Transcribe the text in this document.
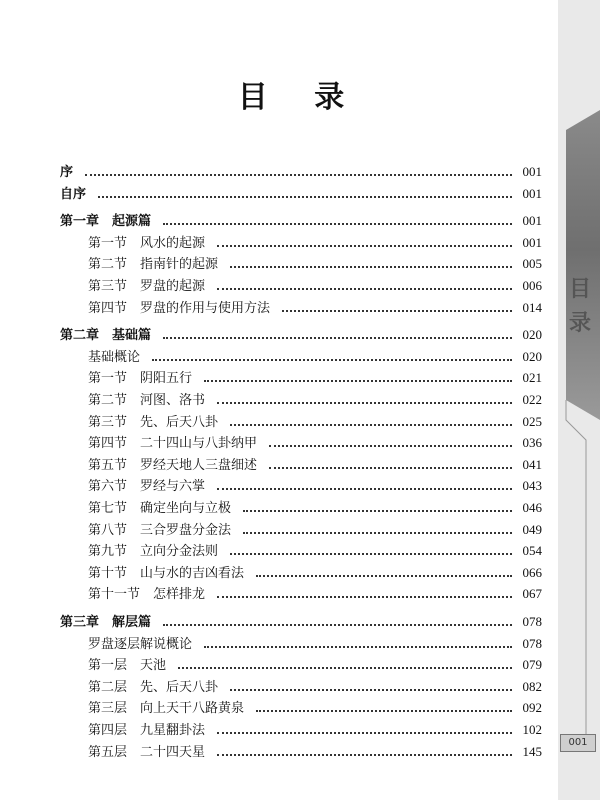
目 录
序	001
自序	001
第一章　起源篇	001
第一节　风水的起源	001
第二节　指南针的起源	005
第三节　罗盘的起源	006
第四节　罗盘的作用与使用方法	014
第二章　基础篇	020
基础概论	020
第一节　阴阳五行	021
第二节　河图、洛书	022
第三节　先、后天八卦	025
第四节　二十四山与八卦纳甲	036
第五节　罗经天地人三盘细述	041
第六节　罗经与六掌	043
第七节　确定坐向与立极	046
第八节　三合罗盘分金法	049
第九节　立向分金法则	054
第十节　山与水的吉凶看法	066
第十一节　怎样排龙	067
第三章　解层篇	078
罗盘逐层解说概论	078
第一层　天池	079
第二层　先、后天八卦	082
第三层　向上天干八路黄泉	092
第四层　九星翻卦法	102
第五层　二十四天星	145
目
录
001
